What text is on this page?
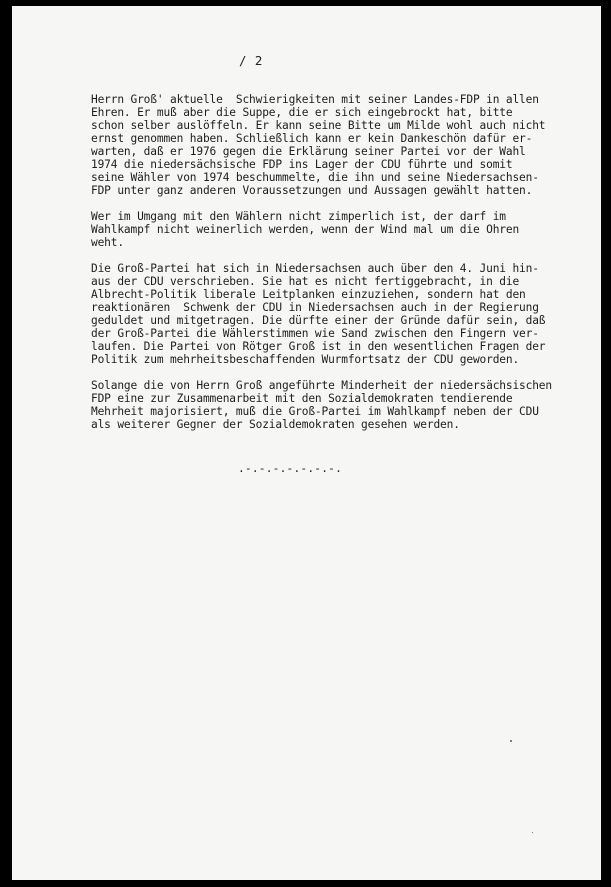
/ 2

Herrn Groß' aktuelle  Schwierigkeiten mit seiner Landes-FDP in allen
Ehren. Er muß aber die Suppe, die er sich eingebrockt hat, bitte
schon selber auslöffeln. Er kann seine Bitte um Milde wohl auch nicht
ernst genommen haben. Schließlich kann er kein Dankeschön dafür er-
warten, daß er 1976 gegen die Erklärung seiner Partei vor der Wahl
1974 die niedersächsische FDP ins Lager der CDU führte und somit
seine Wähler von 1974 beschummelte, die ihn und seine Niedersachsen-
FDP unter ganz anderen Voraussetzungen und Aussagen gewählt hatten.

Wer im Umgang mit den Wählern nicht zimperlich ist, der darf im
Wahlkampf nicht weinerlich werden, wenn der Wind mal um die Ohren
weht.

Die Groß-Partei hat sich in Niedersachsen auch über den 4. Juni hin-
aus der CDU verschrieben. Sie hat es nicht fertiggebracht, in die
Albrecht-Politik liberale Leitplanken einzuziehen, sondern hat den
reaktionären  Schwenk der CDU in Niedersachsen auch in der Regierung
geduldet und mitgetragen. Die dürfte einer der Gründe dafür sein, daß
der Groß-Partei die Wählerstimmen wie Sand zwischen den Fingern ver-
laufen. Die Partei von Rötger Groß ist in den wesentlichen Fragen der
Politik zum mehrheitsbeschaffenden Wurmfortsatz der CDU geworden.

Solange die von Herrn Groß angeführte Minderheit der niedersächsischen
FDP eine zur Zusammenarbeit mit den Sozialdemokraten tendierende
Mehrheit majorisiert, muß die Groß-Partei im Wahlkampf neben der CDU
als weiterer Gegner der Sozialdemokraten gesehen werden.

.-.-.-.-.-.-.-.
